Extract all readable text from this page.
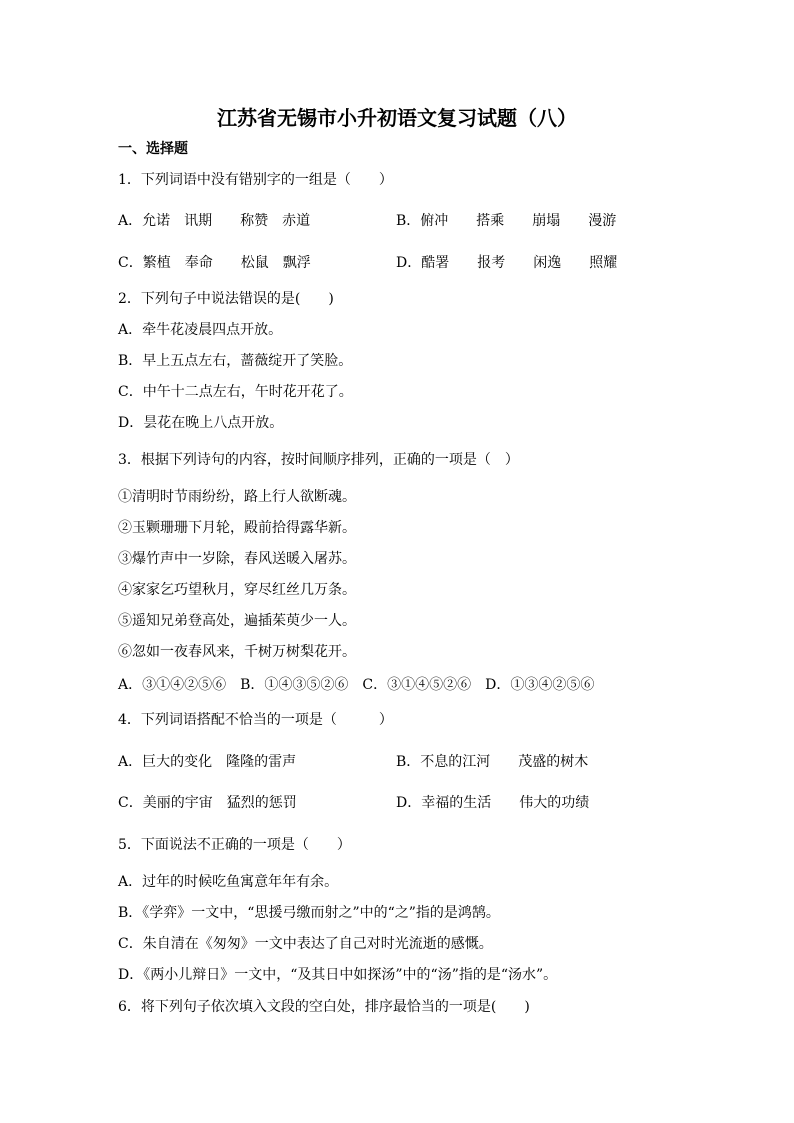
江苏省无锡市小升初语文复习试题（八）
一、选择题
1．下列词语中没有错别字的一组是（　　）

A．允诺　讯期　　称赞　赤道

	B．俯冲　　搭乘　　崩塌　　漫游

C．繁植　奉命　　松鼠　飘浮

	D．酷署　　报考　　闲逸　　照耀

2．下列句子中说法错误的是(　　)
A．牵牛花凌晨四点开放。
B．早上五点左右，蔷薇绽开了笑脸。
C．中午十二点左右，午时花开花了。
D．昙花在晚上八点开放。
3．根据下列诗句的内容，按时间顺序排列，正确的一项是（　）
①清明时节雨纷纷，路上行人欲断魂。
②玉颗珊珊下月轮，殿前拾得露华新。
③爆竹声中一岁除，春风送暖入屠苏。
④家家乞巧望秋月，穿尽红丝几万条。
⑤遥知兄弟登高处，遍插茱萸少一人。
⑥忽如一夜春风来，千树万树梨花开。
A．③①④②⑤⑥　B．①④③⑤②⑥　C．③①④⑤②⑥　D．①③④②⑤⑥
4．下列词语搭配不恰当的一项是（　　　）

A．巨大的变化　隆隆的雷声

	B．不息的江河　　茂盛的树木

C．美丽的宇宙　猛烈的惩罚

	D．幸福的生活　　伟大的功绩

5．下面说法不正确的一项是（　　）
A．过年的时候吃鱼寓意年年有余。
B．《学弈》一文中，“思援弓缴而射之”中的“之”指的是鸿鹄。
C．朱自清在《匆匆》一文中表达了自己对时光流逝的感慨。
D．《两小儿辩日》一文中，“及其日中如探汤”中的“汤”指的是“汤水”。
6．将下列句子依次填入文段的空白处，排序最恰当的一项是(　　)
